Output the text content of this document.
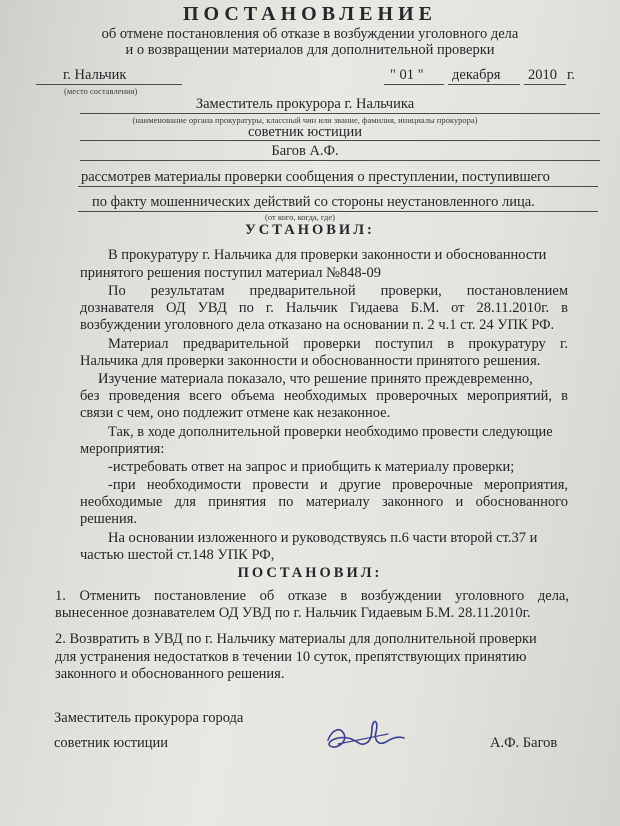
ПОСТАНОВЛЕНИЕ
об отмене постановления об отказе в возбуждении уголовного дела
и о возвращении материалов для дополнительной проверки
г. Нальчик
(место составления)
" 01 " декабря 2010 г.
Заместитель прокурора г. Нальчика
(наименование органа прокуратуры, классный чин или звание, фамилия, инициалы прокурора)
советник юстиции
Багов А.Ф.
рассмотрев материалы проверки сообщения о преступлении, поступившего
по факту мошеннических действий со стороны неустановленного лица.
(от кого, когда, где)
УСТАНОВИЛ:
В прокуратуру г. Нальчика для проверки законности и обоснованности
принятого решения поступил материал №848-09
По результатам предварительной проверки, постановлением
дознавателя ОД УВД по г. Нальчик Гидаева Б.М. от 28.11.2010г. в
возбуждении уголовного дела отказано на основании п. 2 ч.1 ст. 24 УПК РФ.
Материал предварительной проверки поступил в прокуратуру г.
Нальчика для проверки законности и обоснованности принятого решения.
Изучение материала показало, что решение принято преждевременно,
без проведения всего объема необходимых проверочных мероприятий, в
связи с чем, оно подлежит отмене как незаконное.
Так, в ходе дополнительной проверки необходимо провести следующие
мероприятия:
-истребовать ответ на запрос и приобщить к материалу проверки;
-при необходимости провести и другие проверочные мероприятия,
необходимые для принятия по материалу законного и обоснованного
решения.
На основании изложенного и руководствуясь п.6 части второй ст.37 и
частью шестой ст.148 УПК РФ,
ПОСТАНОВИЛ:
1. Отменить постановление об отказе в возбуждении уголовного дела,
вынесенное дознавателем ОД УВД по г. Нальчик Гидаевым Б.М. 28.11.2010г.
2. Возвратить в УВД по г. Нальчику материалы для дополнительной проверки
для устранения недостатков в течении 10 суток, препятствующих принятию
законного и обоснованного решения.
Заместитель прокурора города
советник юстиции	А.Ф. Багов
